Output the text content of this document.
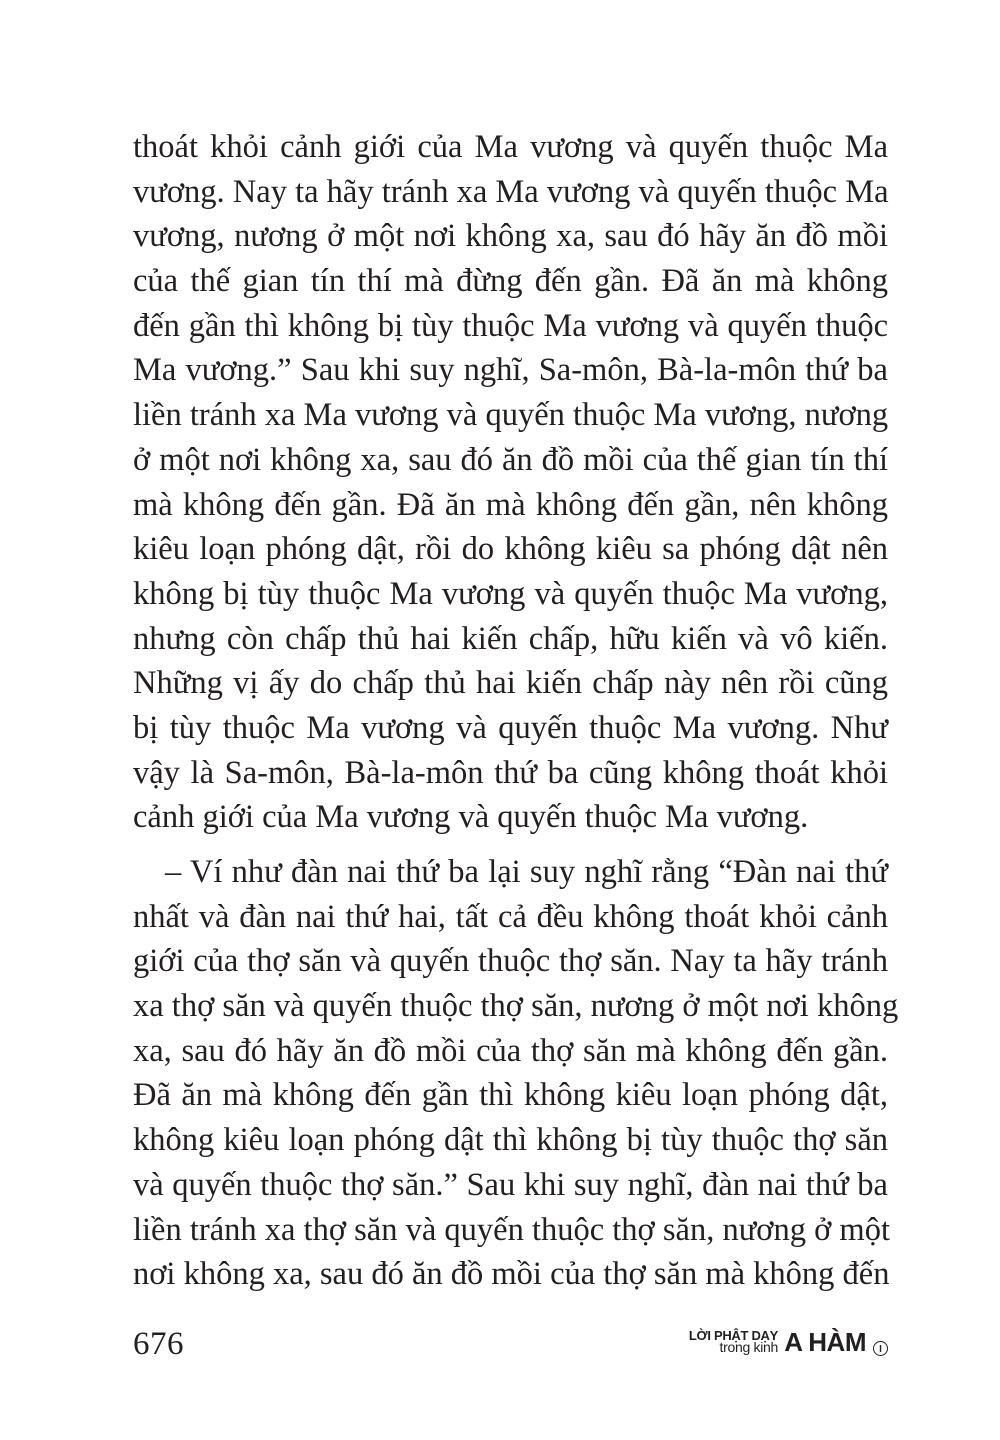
thoát khỏi cảnh giới của Ma vương và quyến thuộc Ma
vương. Nay ta hãy tránh xa Ma vương và quyến thuộc Ma
vương, nương ở một nơi không xa, sau đó hãy ăn đồ mồi
của thế gian tín thí mà đừng đến gần. Đã ăn mà không
đến gần thì không bị tùy thuộc Ma vương và quyến thuộc
Ma vương.” Sau khi suy nghĩ, Sa-môn, Bà-la-môn thứ ba
liền tránh xa Ma vương và quyến thuộc Ma vương, nương
ở một nơi không xa, sau đó ăn đồ mồi của thế gian tín thí
mà không đến gần. Đã ăn mà không đến gần, nên không
kiêu loạn phóng dật, rồi do không kiêu sa phóng dật nên
không bị tùy thuộc Ma vương và quyến thuộc Ma vương,
nhưng còn chấp thủ hai kiến chấp, hữu kiến và vô kiến.
Những vị ấy do chấp thủ hai kiến chấp này nên rồi cũng
bị tùy thuộc Ma vương và quyến thuộc Ma vương. Như
vậy là Sa-môn, Bà-la-môn thứ ba cũng không thoát khỏi
cảnh giới của Ma vương và quyến thuộc Ma vương.
– Ví như đàn nai thứ ba lại suy nghĩ rằng “Đàn nai thứ
nhất và đàn nai thứ hai, tất cả đều không thoát khỏi cảnh
giới của thợ săn và quyến thuộc thợ săn. Nay ta hãy tránh
xa thợ săn và quyến thuộc thợ săn, nương ở một nơi không
xa, sau đó hãy ăn đồ mồi của thợ săn mà không đến gần.
Đã ăn mà không đến gần thì không kiêu loạn phóng dật,
không kiêu loạn phóng dật thì không bị tùy thuộc thợ săn
và quyến thuộc thợ săn.” Sau khi suy nghĩ, đàn nai thứ ba
liền tránh xa thợ săn và quyến thuộc thợ săn, nương ở một
nơi không xa, sau đó ăn đồ mồi của thợ săn mà không đến
676	LỜI PHẬT DẠY
trong kinh A HÀM	I
